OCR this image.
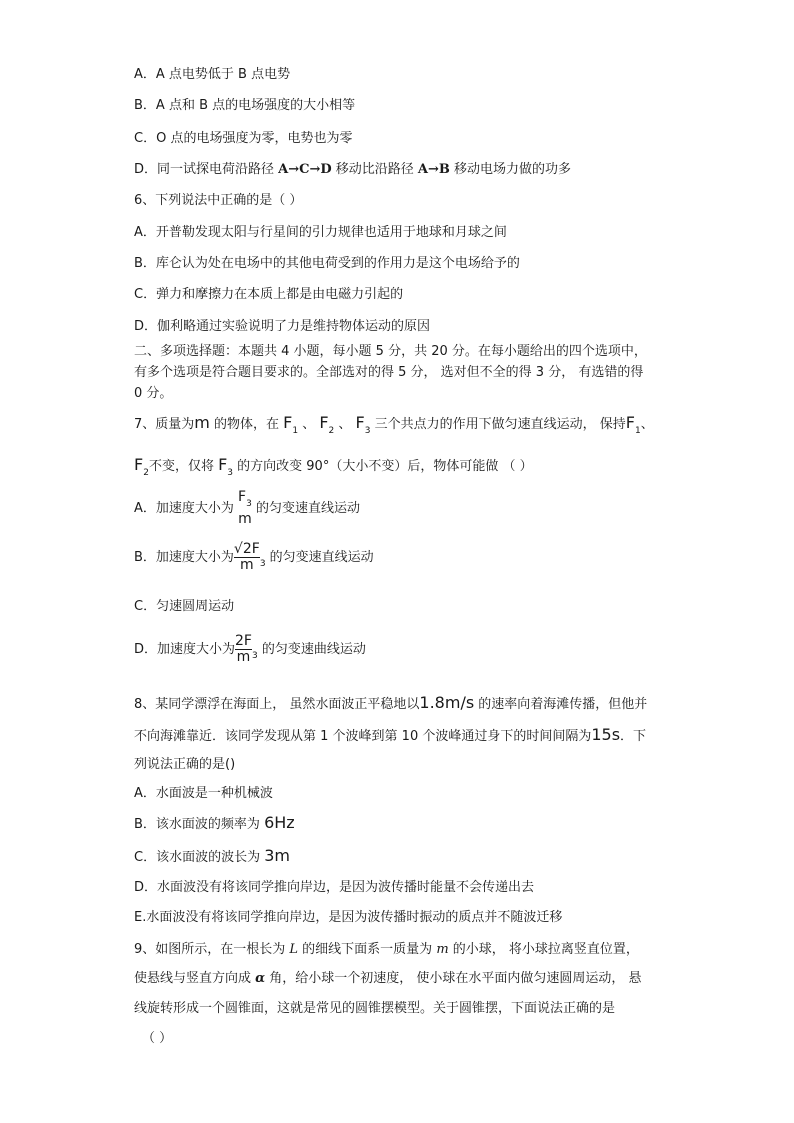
A．A 点电势低于 B 点电势
B．A 点和 B 点的电场强度的大小相等
C．O 点的电场强度为零，电势也为零
D．同一试探电荷沿路径 A→C→D 移动比沿路径 A→B 移动电场力做的功多
6、下列说法中正确的是（ ）
A．开普勒发现太阳与行星间的引力规律也适用于地球和月球之间
B．库仑认为处在电场中的其他电荷受到的作用力是这个电场给予的
C．弹力和摩擦力在本质上都是由电磁力引起的
D．伽利略通过实验说明了力是维持物体运动的原因
二、多项选择题：本题共 4 小题，每小题 5 分，共 20 分。在每小题给出的四个选项中，
有多个选项是符合题目要求的。全部选对的得 5 分， 选对但不全的得 3 分， 有选错的得
0 分。
7、质量为m 的物体，在 $F_1$ 、 $F_2$ 、 $F_3$ 三个共点力的作用下做匀速直线运动， 保持$F_1$、
$F_2$不变，仅将 $F_3$ 的方向改变 90°（大小不变）后，物体可能做 （ ）
A．加速度大小为
$F_3$
m
的匀变速直线运动
B．加速度大小为 $\frac{√2F}{m} _3$ 的匀变速直线运动
C．匀速圆周运动
D．加速度大小为 $\frac{2F}{m} _3$ 的匀变速曲线运动
8、某同学漂浮在海面上， 虽然水面波正平稳地以1.8m/s 的速率向着海滩传播，但他并
不向海滩靠近．该同学发现从第 1 个波峰到第 10 个波峰通过身下的时间间隔为15s．下
列说法正确的是()
A．水面波是一种机械波
B．该水面波的频率为 6Hz
C．该水面波的波长为 3m
D．水面波没有将该同学推向岸边，是因为波传播时能量不会传递出去
E.水面波没有将该同学推向岸边，是因为波传播时振动的质点并不随波迁移
9、如图所示，在一根长为 L 的细线下面系一质量为 m 的小球， 将小球拉离竖直位置，
使悬线与竖直方向成 α 角，给小球一个初速度， 使小球在水平面内做匀速圆周运动， 悬
线旋转形成一个圆锥面，这就是常见的圆锥摆模型。关于圆锥摆，下面说法正确的是
（ ）
